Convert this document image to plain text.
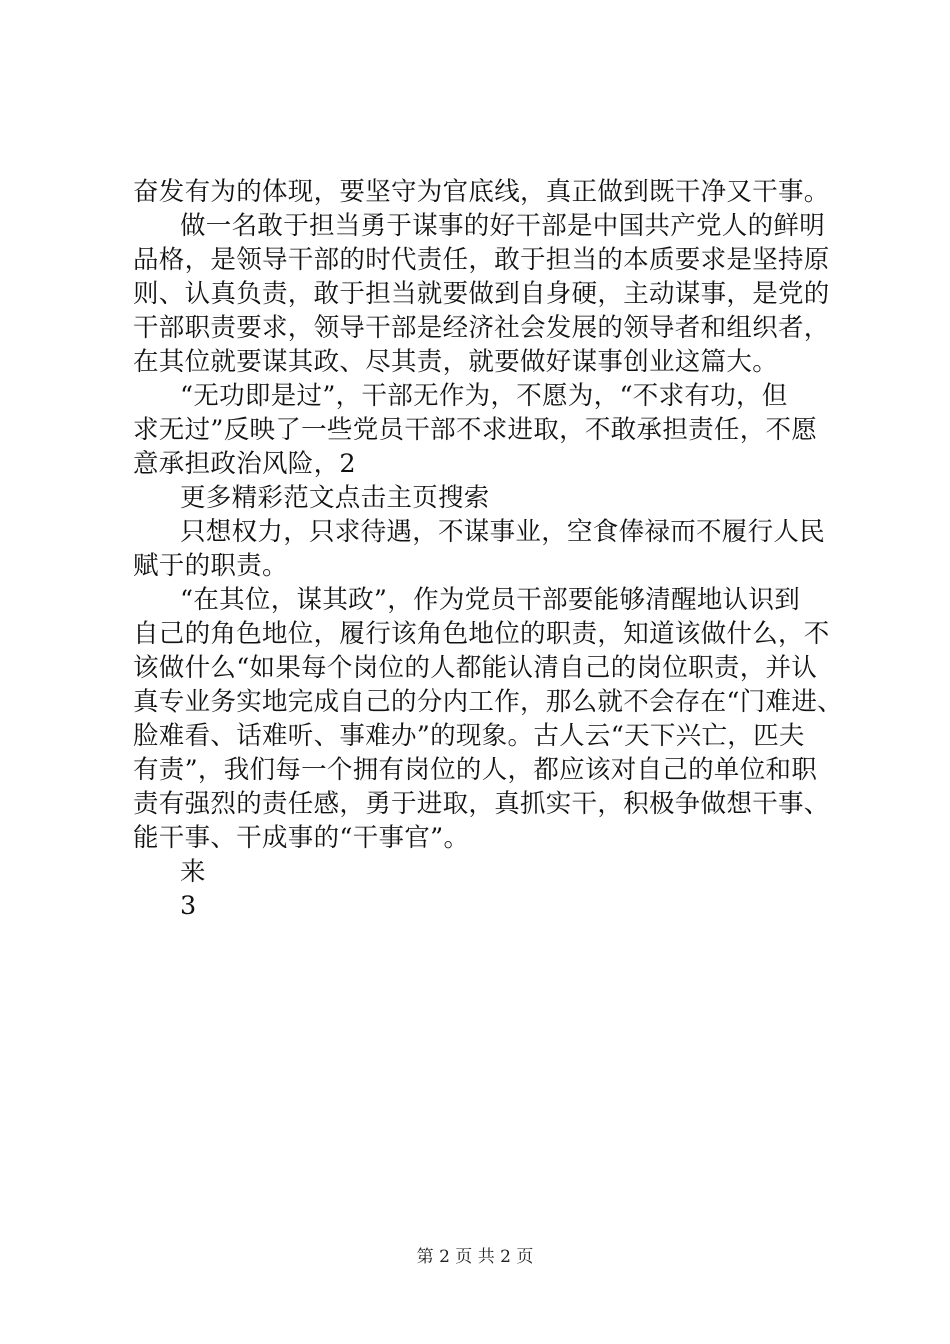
奋发有为的体现，要坚守为官底线，真正做到既干净又干事。
做一名敢于担当勇于谋事的好干部是中国共产党人的鲜明
品格，是领导干部的时代责任，敢于担当的本质要求是坚持原
则、认真负责，敢于担当就要做到自身硬，主动谋事，是党的
干部职责要求，领导干部是经济社会发展的领导者和组织者，
在其位就要谋其政、尽其责，就要做好谋事创业这篇大。
“无功即是过”，干部无作为，不愿为，“不求有功，但
求无过”反映了一些党员干部不求进取，不敢承担责任，不愿
意承担政治风险，2
更多精彩范文点击主页搜索
只想权力，只求待遇，不谋事业，空食俸禄而不履行人民
赋于的职责。
“在其位，谋其政”，作为党员干部要能够清醒地认识到
自己的角色地位，履行该角色地位的职责，知道该做什么，不
该做什么“如果每个岗位的人都能认清自己的岗位职责，并认
真专业务实地完成自己的分内工作，那么就不会存在“门难进、
脸难看、话难听、事难办”的现象。古人云“天下兴亡，匹夫
有责”，我们每一个拥有岗位的人，都应该对自己的单位和职
责有强烈的责任感，勇于进取，真抓实干，积极争做想干事、
能干事、干成事的“干事官”。
来
3
第 2 页 共 2 页
